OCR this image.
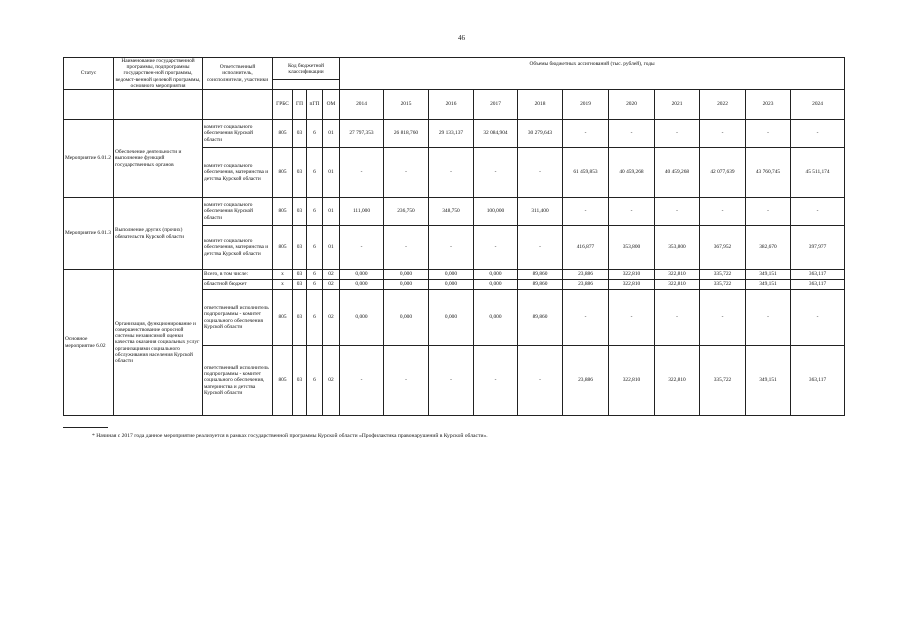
46
Статус	Наименование государственной программы, подпрограммы государствен-ной программы, ведомст-венной целевой программы, основного мероприятия	Ответственный исполнитель, соисполнители, участники	Код бюджетной классификации				Объемы бюджетных ассигнований (тыс. рублей), годы										

			ГРБС	ГП	пГП	ОМ	2014	2015	2016	2017	2018	2019	2020	2021	2022	2023	2024
Мероприятие 6.01.2	Обеспечение деятельности и выполнение функций государственных органов	комитет социального обеспечения Курской области	805	03	6	01	27 797,353	26 818,760	29 133,137	32 084,904	30 279,643	-	-	-	-	-	-
		комитет социального обеспечения, материнства и детства Курской области	805	03	6	01	-	-	-	-	-	61 459,853	40 459,268	40 459,268	42 077,639	43 760,745	45 511,174
Мероприятие 6.01.3	Выполнение других (прочих) обязательств Курской области	комитет социального обеспечения Курской области	805	03	6	01	111,000	236,750	348,750	100,000	311,400	-	-	-	-	-	-
		комитет социального обеспечения, материнства и детства Курской области	805	03	6	01	-	-	-	-	-	416,877	353,800	353,800	367,952	382,670	397,977
Основное мероприятие 6.02	Организация, функционирование и совершенствование опросной системы независимой оценки качества оказания социальных услуг организациями социального обслуживания населения Курской области	Всего, в том числе:	x	03	6	02	0,000	0,000	0,000	0,000	89,860	23,886	322,810	322,810	335,722	349,151	363,117
		областной бюджет	x	03	6	02	0,000	0,000	0,000	0,000	89,860	23,886	322,810	322,810	335,722	349,151	363,117
		ответственный исполнитель подпрограммы - комитет социального обеспечения Курской области	805	03	6	02	0,000	0,000	0,000	0,000	89,860	-	-	-	-	-	-
		ответственный исполнитель подпрограммы - комитет социального обеспечения, материнства и детства Курской области	805	03	6	02	-	-	-	-	-	23,886	322,810	322,810	335,722	349,151	363,117
* Начиная с 2017 года данное мероприятие реализуется в рамках государственной программы Курской области «Профилактика правонарушений в Курской области».
